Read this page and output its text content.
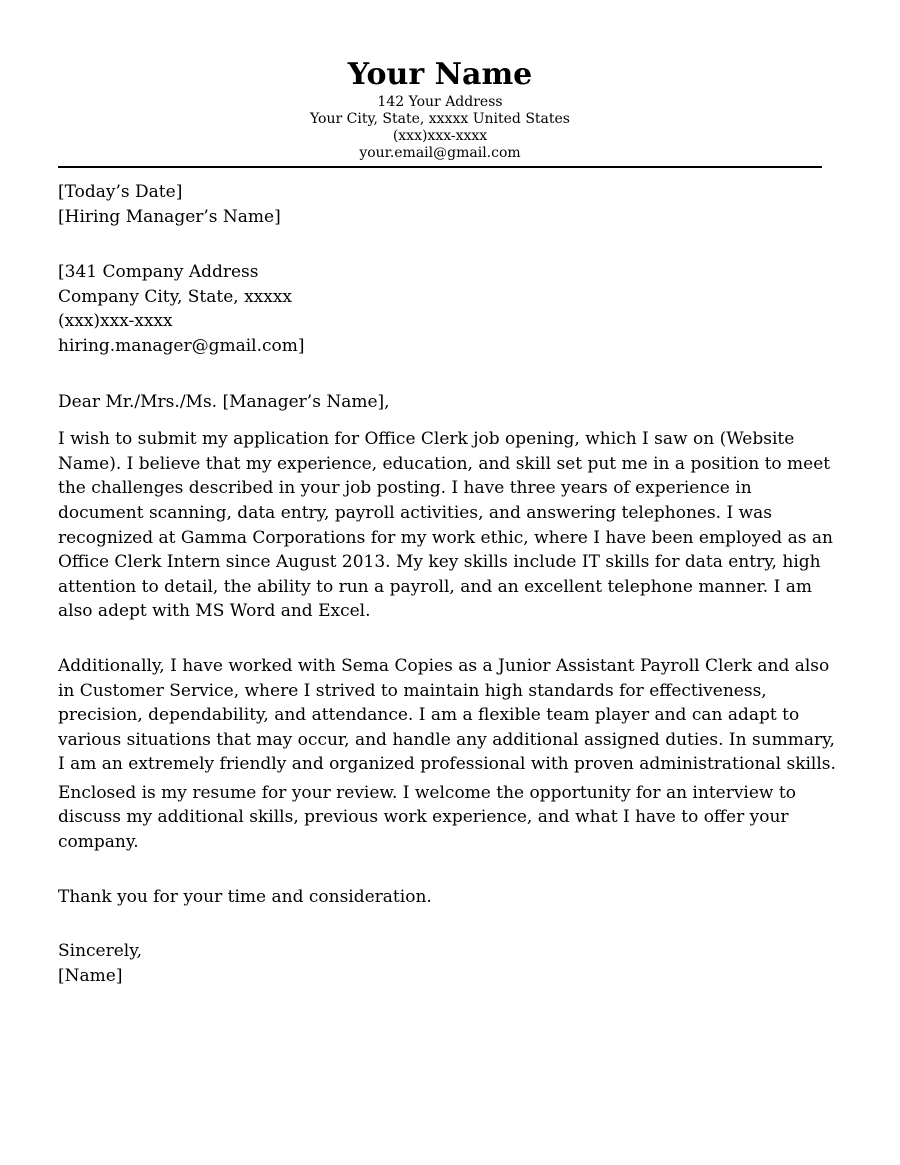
Your Name
142 Your Address
Your City, State, xxxxx United States
(xxx)xxx-xxxx
your.email@gmail.com

[Today’s Date]

[Hiring Manager’s Name]

[341 Company Address

Company City, State, xxxxx

(xxx)xxx-xxxx

hiring.manager@gmail.com]

Dear Mr./Mrs./Ms. [Manager’s Name],

I wish to submit my application for Office Clerk job opening, which I saw on (Website Name). I believe that my experience, education, and skill set put me in a position to meet the challenges described in your job posting. I have three years of experience in document scanning, data entry, payroll activities, and answering telephones. I was recognized at Gamma Corporations for my work ethic, where I have been employed as an Office Clerk Intern since August 2013. My key skills include IT skills for data entry, high attention to detail, the ability to run a payroll, and an excellent telephone manner. I am also adept with MS Word and Excel.

Additionally, I have worked with Sema Copies as a Junior Assistant Payroll Clerk and also in Customer Service, where I strived to maintain high standards for effectiveness, precision, dependability, and attendance. I am a flexible team player and can adapt to various situations that may occur, and handle any additional assigned duties. In summary, I am an extremely friendly and organized professional with proven administrational skills.

Enclosed is my resume for your review. I welcome the opportunity for an interview to discuss my additional skills, previous work experience, and what I have to offer your company.

Thank you for your time and consideration.

Sincerely,

[Name]
